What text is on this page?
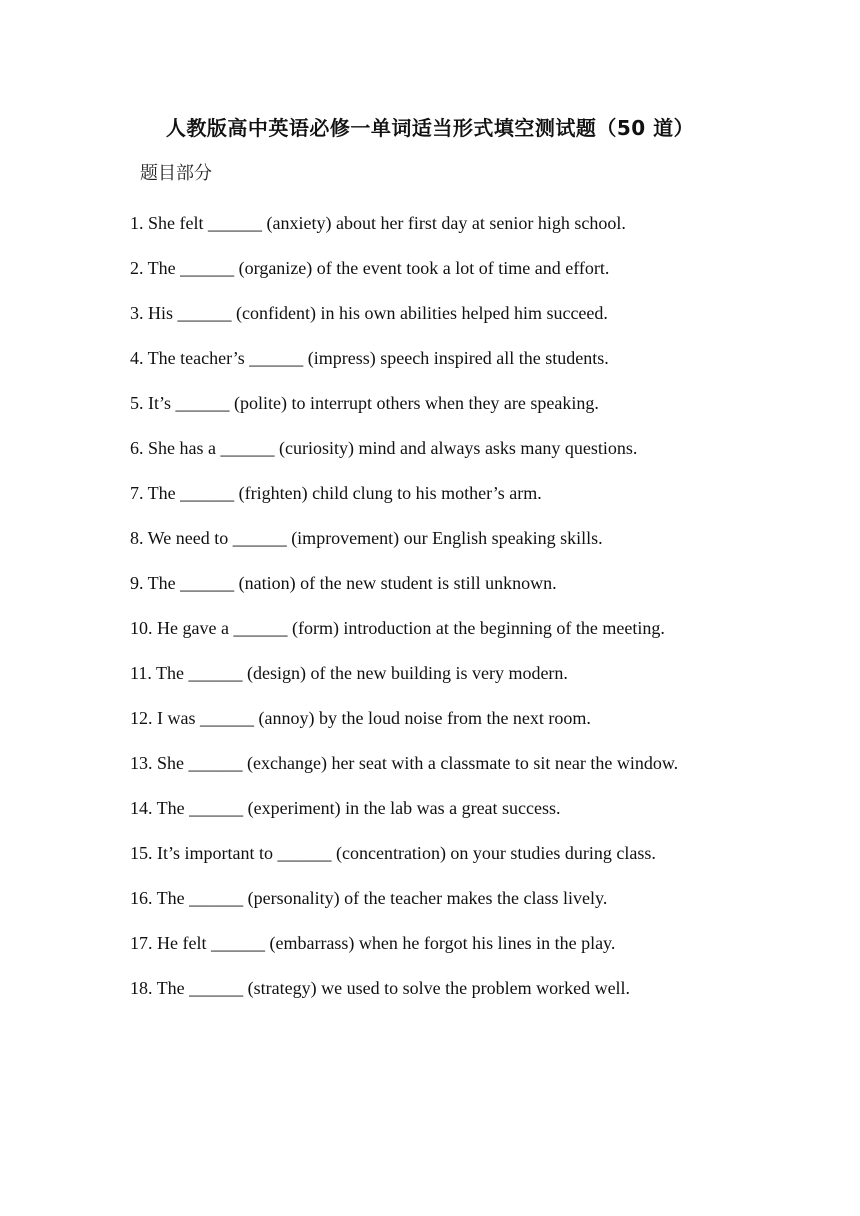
人教版高中英语必修一单词适当形式填空测试题（50 道）
题目部分

1. She felt ______ (anxiety) about her first day at senior high school.

2. The ______ (organize) of the event took a lot of time and effort.

3. His ______ (confident) in his own abilities helped him succeed.

4. The teacher’s ______ (impress) speech inspired all the students.

5. It’s ______ (polite) to interrupt others when they are speaking.

6. She has a ______ (curiosity) mind and always asks many questions.

7. The ______ (frighten) child clung to his mother’s arm.

8. We need to ______ (improvement) our English speaking skills.

9. The ______ (nation) of the new student is still unknown.

10. He gave a ______ (form) introduction at the beginning of the meeting.

11. The ______ (design) of the new building is very modern.

12. I was ______ (annoy) by the loud noise from the next room.

13. She ______ (exchange) her seat with a classmate to sit near the window.

14. The ______ (experiment) in the lab was a great success.

15. It’s important to ______ (concentration) on your studies during class.

16. The ______ (personality) of the teacher makes the class lively.

17. He felt ______ (embarrass) when he forgot his lines in the play.

18. The ______ (strategy) we used to solve the problem worked well.
